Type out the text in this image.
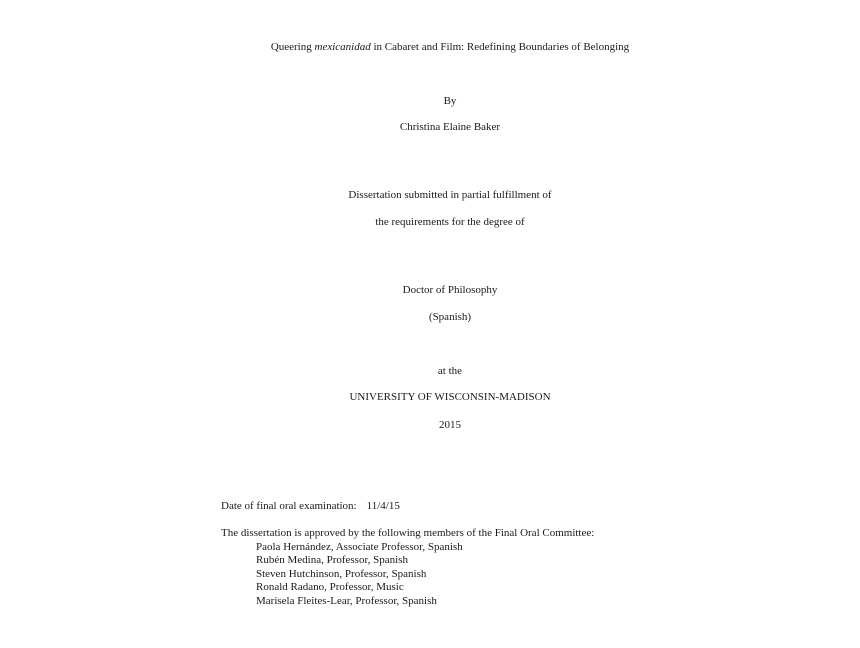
Queering mexicanidad in Cabaret and Film: Redefining Boundaries of Belonging
By
Christina Elaine Baker
Dissertation submitted in partial fulfillment of
the requirements for the degree of
Doctor of Philosophy
(Spanish)
at the
UNIVERSITY OF WISCONSIN-MADISON
2015
Date of final oral examination: 11/4/15
The dissertation is approved by the following members of the Final Oral Committee:
Paola Hernández, Associate Professor, Spanish
Rubén Medina, Professor, Spanish
Steven Hutchinson, Professor, Spanish
Ronald Radano, Professor, Music
Marisela Fleites-Lear, Professor, Spanish
